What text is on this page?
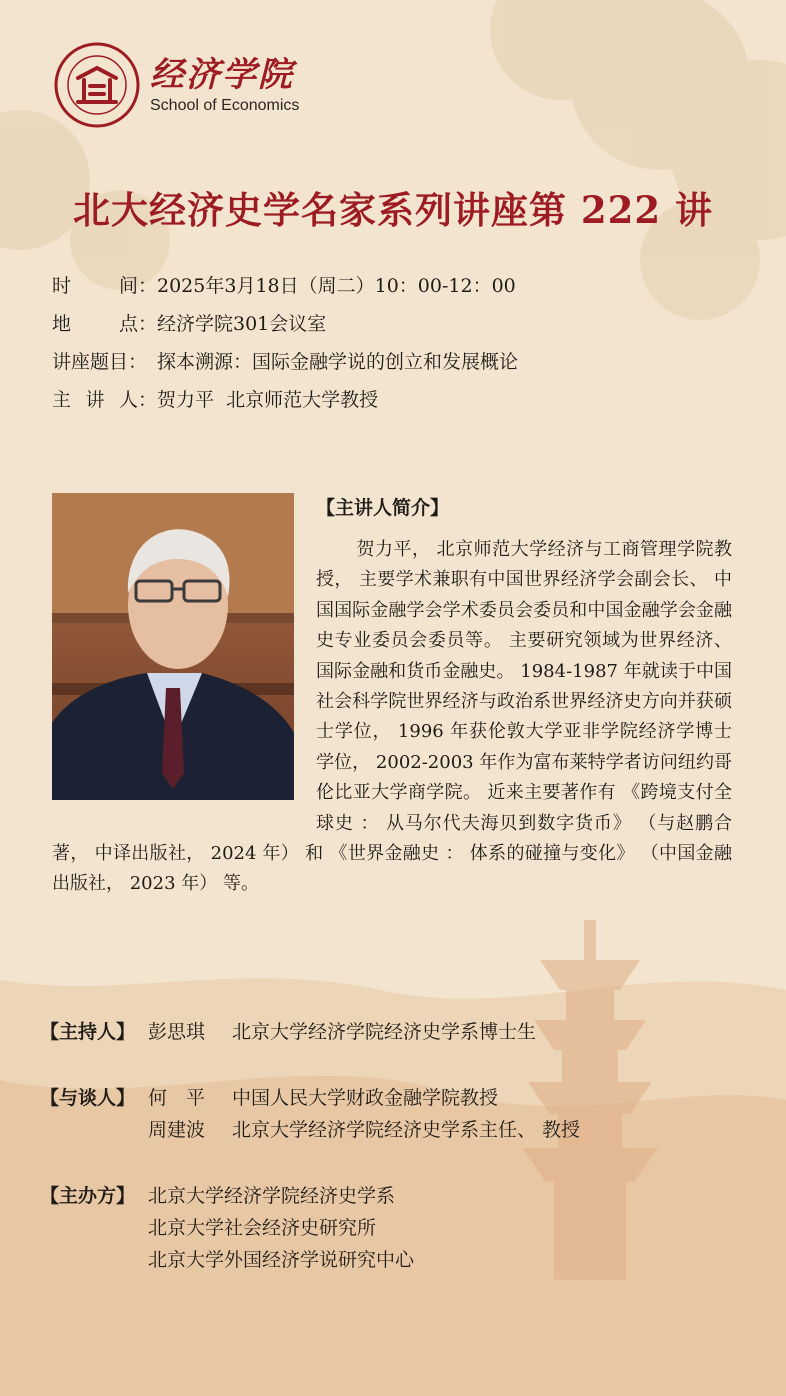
经济学院
School of Economics
北大经济史学名家系列讲座第 222 讲
时	间： 2025年3月18日（周二）10：00-12：00
地	点： 经济学院301会议室
讲座题目： 探本溯源：国际金融学说的创立和发展概论
主 讲 人： 贺力平  北京师范大学教授
【主讲人简介】
贺力平， 北京师范大学经济与工商管理学院教授， 主要学术兼职有中国世界经济学会副会长、 中国国际金融学会学术委员会委员和中国金融学会金融史专业委员会委员等。 主要研究领域为世界经济、 国际金融和货币金融史。 1984-1987 年就读于中国社会科学院世界经济与政治系世界经济史方向并获硕士学位， 1996 年获伦敦大学亚非学院经济学博士学位， 2002-2003 年作为富布莱特学者访问纽约哥伦比亚大学商学院。 近来主要著作有 《跨境支付全球史 ： 从马尔代夫海贝到数字货币》 （与赵鹏合著， 中译出版社， 2024 年） 和 《世界金融史 ： 体系的碰撞与变化》 （中国金融出版社， 2023 年） 等。
【主持人】 彭思琪 北京大学经济学院经济史学系博士生
【与谈人】 何　平 中国人民大学财政金融学院教授
周建波 北京大学经济学院经济史学系主任、 教授
【主办方】 北京大学经济学院经济史学系
北京大学社会经济史研究所
北京大学外国经济学说研究中心
